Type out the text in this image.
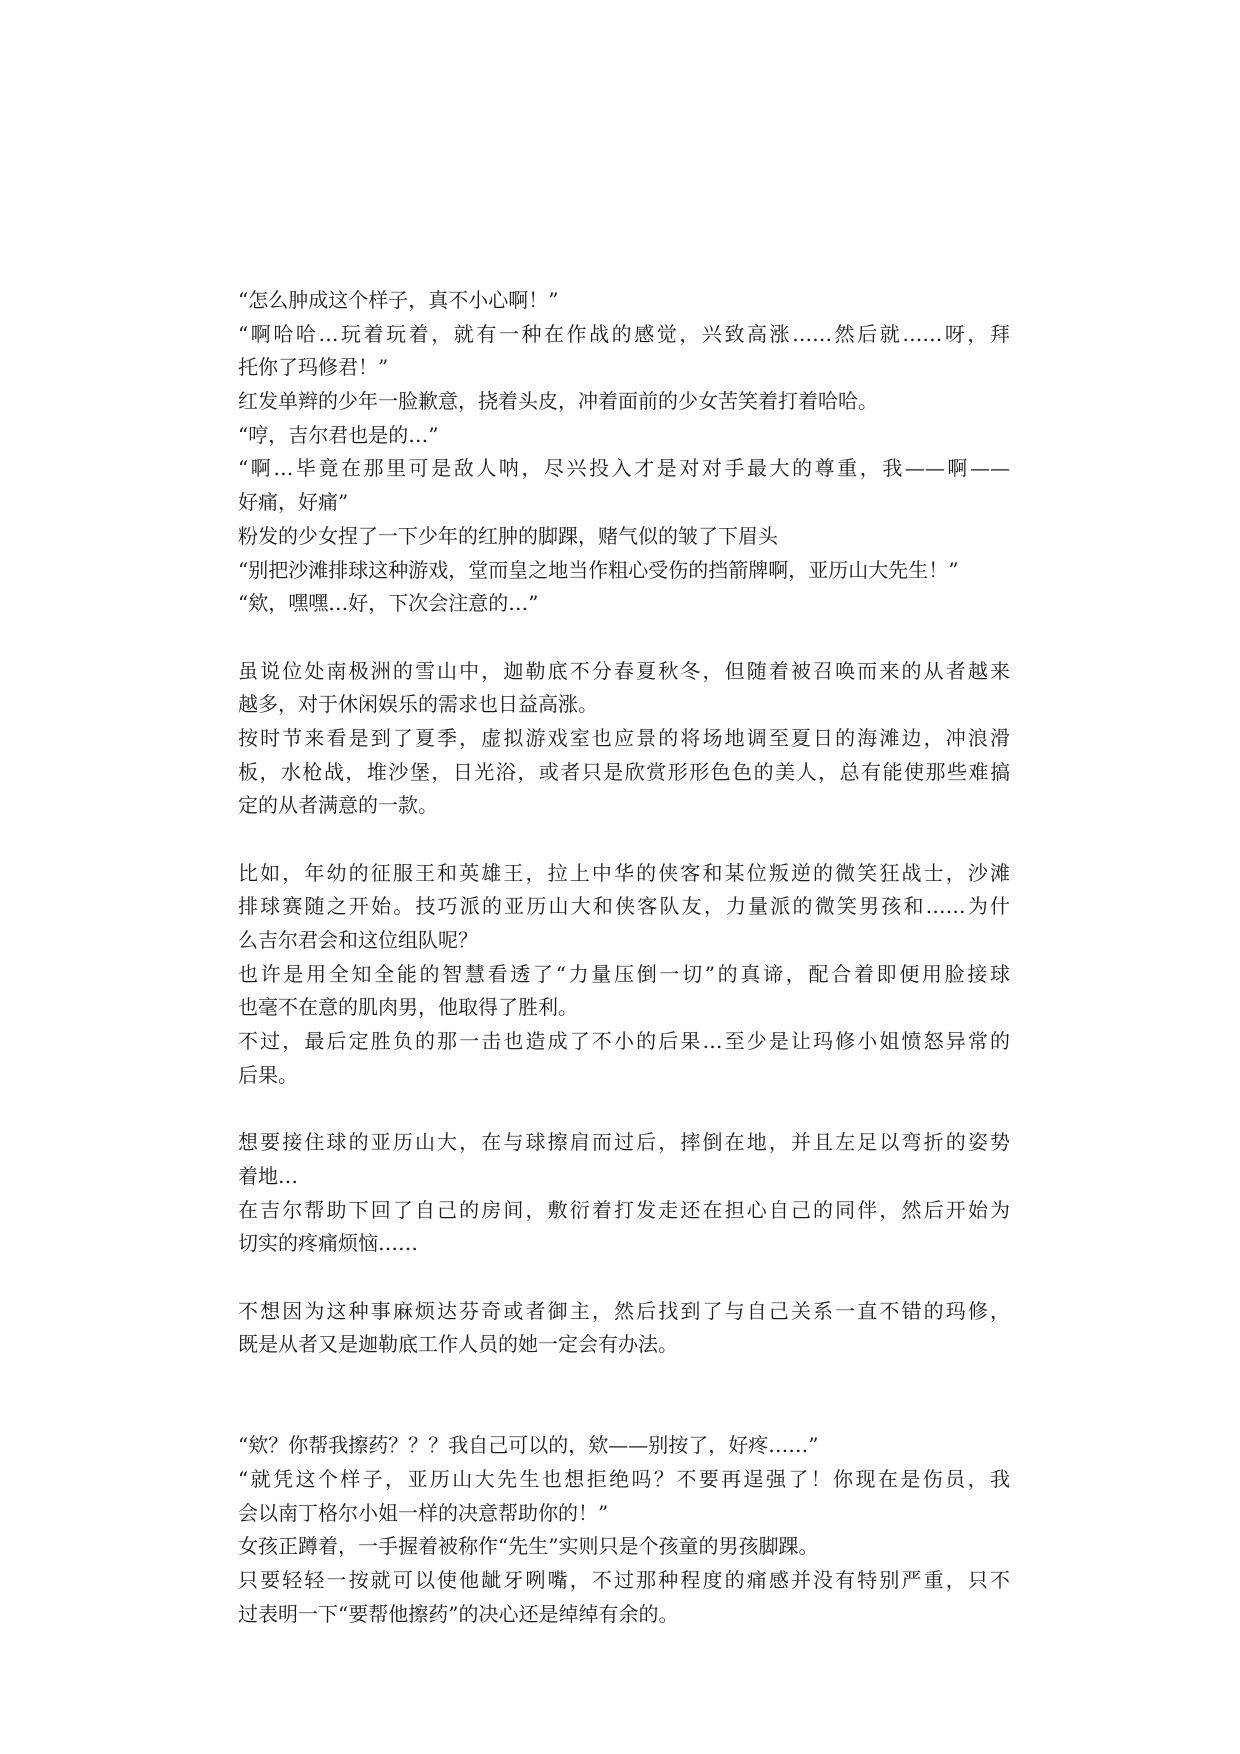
“怎么肿成这个样子，真不小心啊！”
“啊哈哈…玩着玩着，就有一种在作战的感觉，兴致高涨……然后就……呀，拜
托你了玛修君！”
红发单辫的少年一脸歉意，挠着头皮，冲着面前的少女苦笑着打着哈哈。
“哼，吉尔君也是的…”
“啊…毕竟在那里可是敌人呐，尽兴投入才是对对手最大的尊重，我——啊——
好痛，好痛”
粉发的少女捏了一下少年的红肿的脚踝，赌气似的皱了下眉头
“别把沙滩排球这种游戏，堂而皇之地当作粗心受伤的挡箭牌啊，亚历山大先生！”
“欸，嘿嘿…好，下次会注意的…”
虽说位处南极洲的雪山中，迦勒底不分春夏秋冬，但随着被召唤而来的从者越来
越多，对于休闲娱乐的需求也日益高涨。
按时节来看是到了夏季，虚拟游戏室也应景的将场地调至夏日的海滩边，冲浪滑
板，水枪战，堆沙堡，日光浴，或者只是欣赏形形色色的美人，总有能使那些难搞
定的从者满意的一款。
比如，年幼的征服王和英雄王，拉上中华的侠客和某位叛逆的微笑狂战士，沙滩
排球赛随之开始。技巧派的亚历山大和侠客队友，力量派的微笑男孩和……为什
么吉尔君会和这位组队呢？
也许是用全知全能的智慧看透了“力量压倒一切”的真谛，配合着即便用脸接球
也毫不在意的肌肉男，他取得了胜利。
不过，最后定胜负的那一击也造成了不小的后果…至少是让玛修小姐愤怒异常的
后果。
想要接住球的亚历山大，在与球擦肩而过后，摔倒在地，并且左足以弯折的姿势
着地…
在吉尔帮助下回了自己的房间，敷衍着打发走还在担心自己的同伴，然后开始为
切实的疼痛烦恼……
不想因为这种事麻烦达芬奇或者御主，然后找到了与自己关系一直不错的玛修，
既是从者又是迦勒底工作人员的她一定会有办法。
“欸？你帮我擦药？？？我自己可以的，欸——别按了，好疼……”
“就凭这个样子，亚历山大先生也想拒绝吗？不要再逞强了！你现在是伤员，我
会以南丁格尔小姐一样的决意帮助你的！”
女孩正蹲着，一手握着被称作“先生”实则只是个孩童的男孩脚踝。
只要轻轻一按就可以使他龇牙咧嘴，不过那种程度的痛感并没有特别严重，只不
过表明一下“要帮他擦药”的决心还是绰绰有余的。
